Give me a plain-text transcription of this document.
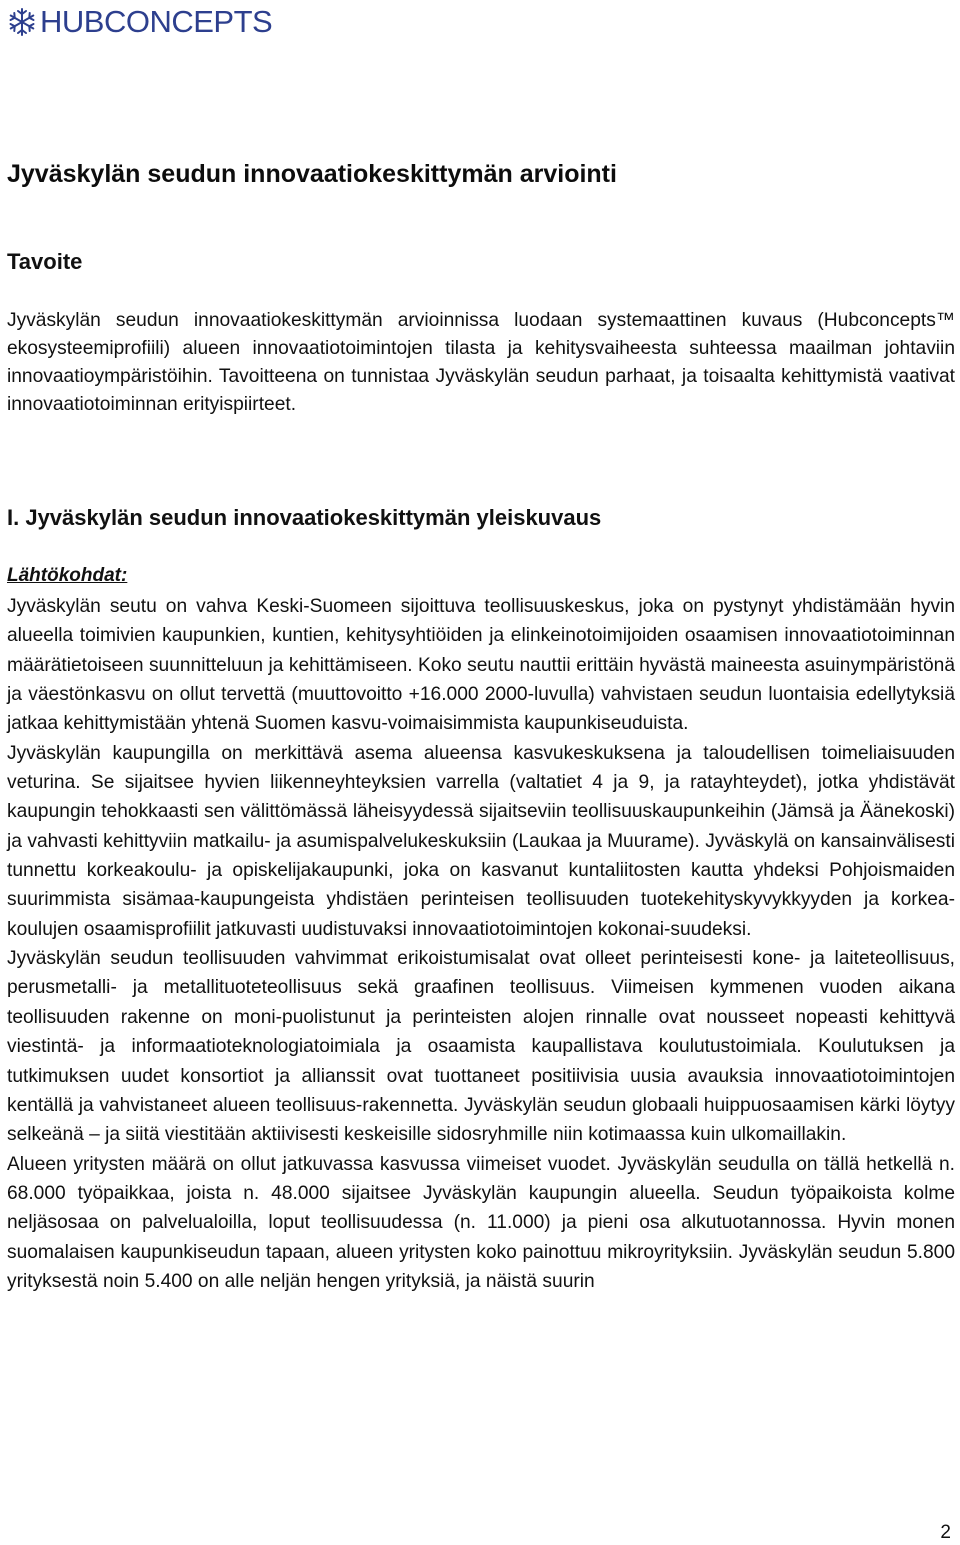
HUBCONCEPTS
Jyväskylän seudun innovaatiokeskittymän arviointi
Tavoite

Jyväskylän seudun innovaatiokeskittymän arvioinnissa luodaan systemaattinen kuvaus (Hubconcepts™ ekosysteemiprofiili) alueen innovaatiotoimintojen tilasta ja kehitysvaiheesta suhteessa maailman johtaviin innovaatioympäristöihin. Tavoitteena on tunnistaa Jyväskylän seudun parhaat, ja toisaalta kehittymistä vaativat innovaatiotoiminnan erityispiirteet.

I. Jyväskylän seudun innovaatiokeskittymän yleiskuvaus
Lähtökohdat:

Jyväskylän seutu on vahva Keski-Suomeen sijoittuva teollisuuskeskus, joka on pystynyt yhdistämään hyvin alueella toimivien kaupunkien, kuntien, kehitysyhtiöiden ja elinkeinotoimijoiden osaamisen innovaatiotoiminnan määrätietoiseen suunnitteluun ja kehittämiseen. Koko seutu nauttii erittäin hyvästä maineesta asuinympäristönä ja väestönkasvu on ollut tervettä (muuttovoitto +16.000 2000-luvulla) vahvistaen seudun luontaisia edellytyksiä jatkaa kehittymistään yhtenä Suomen kasvu-voimaisimmista kaupunkiseuduista.

Jyväskylän kaupungilla on merkittävä asema alueensa kasvukeskuksena ja taloudellisen toimeliaisuuden veturina. Se sijaitsee hyvien liikenneyhteyksien varrella (valtatiet 4 ja 9, ja ratayhteydet), jotka yhdistävät kaupungin tehokkaasti sen välittömässä läheisyydessä sijaitseviin teollisuuskaupunkeihin (Jämsä ja Äänekoski) ja vahvasti kehittyviin matkailu- ja asumispalvelukeskuksiin (Laukaa ja Muurame). Jyväskylä on kansainvälisesti tunnettu korkeakoulu- ja opiskelijakaupunki, joka on kasvanut kuntaliitosten kautta yhdeksi Pohjoismaiden suurimmista sisämaa-kaupungeista yhdistäen perinteisen teollisuuden tuotekehityskyvykkyyden ja korkea-koulujen osaamisprofiilit jatkuvasti uudistuvaksi innovaatiotoimintojen kokonai-suudeksi.

Jyväskylän seudun teollisuuden vahvimmat erikoistumisalat ovat olleet perinteisesti kone- ja laiteteollisuus, perusmetalli- ja metallituoteteollisuus sekä graafinen teollisuus. Viimeisen kymmenen vuoden aikana teollisuuden rakenne on moni-puolistunut ja perinteisten alojen rinnalle ovat nousseet nopeasti kehittyvä viestintä- ja informaatioteknologiatoimiala ja osaamista kaupallistava koulutustoimiala. Koulutuksen ja tutkimuksen uudet konsortiot ja allianssit ovat tuottaneet positiivisia uusia avauksia innovaatiotoimintojen kentällä ja vahvistaneet alueen teollisuus-rakennetta. Jyväskylän seudun globaali huippuosaamisen kärki löytyy selkeänä – ja siitä viestitään aktiivisesti keskeisille sidosryhmille niin kotimaassa kuin ulkomaillakin.

Alueen yritysten määrä on ollut jatkuvassa kasvussa viimeiset vuodet. Jyväskylän seudulla on tällä hetkellä n. 68.000 työpaikkaa, joista n. 48.000 sijaitsee Jyväskylän kaupungin alueella. Seudun työpaikoista kolme neljäsosaa on palvelualoilla, loput teollisuudessa (n. 11.000) ja pieni osa alkutuotannossa. Hyvin monen suomalaisen kaupunkiseudun tapaan, alueen yritysten koko painottuu mikroyrityksiin. Jyväskylän seudun 5.800 yrityksestä noin 5.400 on alle neljän hengen yrityksiä, ja näistä suurin

2
